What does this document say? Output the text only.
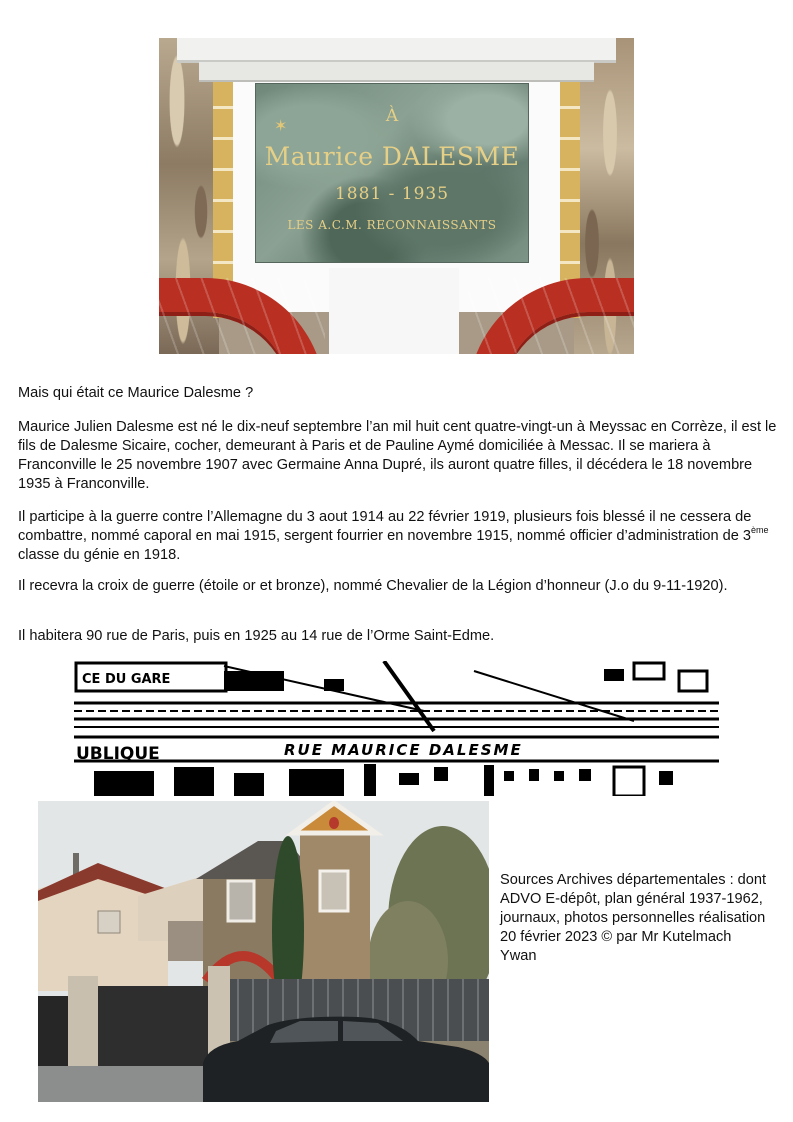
✶	À
Maurice DALESME
1881 - 1935
LES A.C.M. RECONNAISSANTS

Mais qui était ce Maurice Dalesme ?

Maurice Julien Dalesme est né le dix-neuf septembre l’an mil huit cent quatre-vingt-un à Meyssac en Corrèze, il est le fils de Dalesme Sicaire, cocher, demeurant à Paris et de Pauline Aymé domiciliée à Messac. Il se mariera à Franconville le 25 novembre 1907 avec Germaine Anna Dupré, ils auront quatre filles, il décédera le 18 novembre 1935 à Franconville.

Il participe à la guerre contre l’Allemagne du 3 aout 1914 au 22 février 1919, plusieurs fois blessé il ne cessera de combattre, nommé caporal en mai 1915, sergent fourrier en novembre 1915, nommé officier d’administration de 3ème classe du génie en 1918.

Il recevra la croix de guerre (étoile or et bronze), nommé Chevalier de la Légion d’honneur (J.o du 9-11-1920).

Il habitera 90 rue de Paris, puis en 1925 au 14 rue de l’Orme Saint-Edme.

CE DU GARE
UBLIQUE	RUE MAURICE DALESME

Sources Archives départementales : dont ADVO E-dépôt, plan général 1937-1962, journaux, photos personnelles réalisation 20 février 2023 © par Mr Kutelmach Ywan
